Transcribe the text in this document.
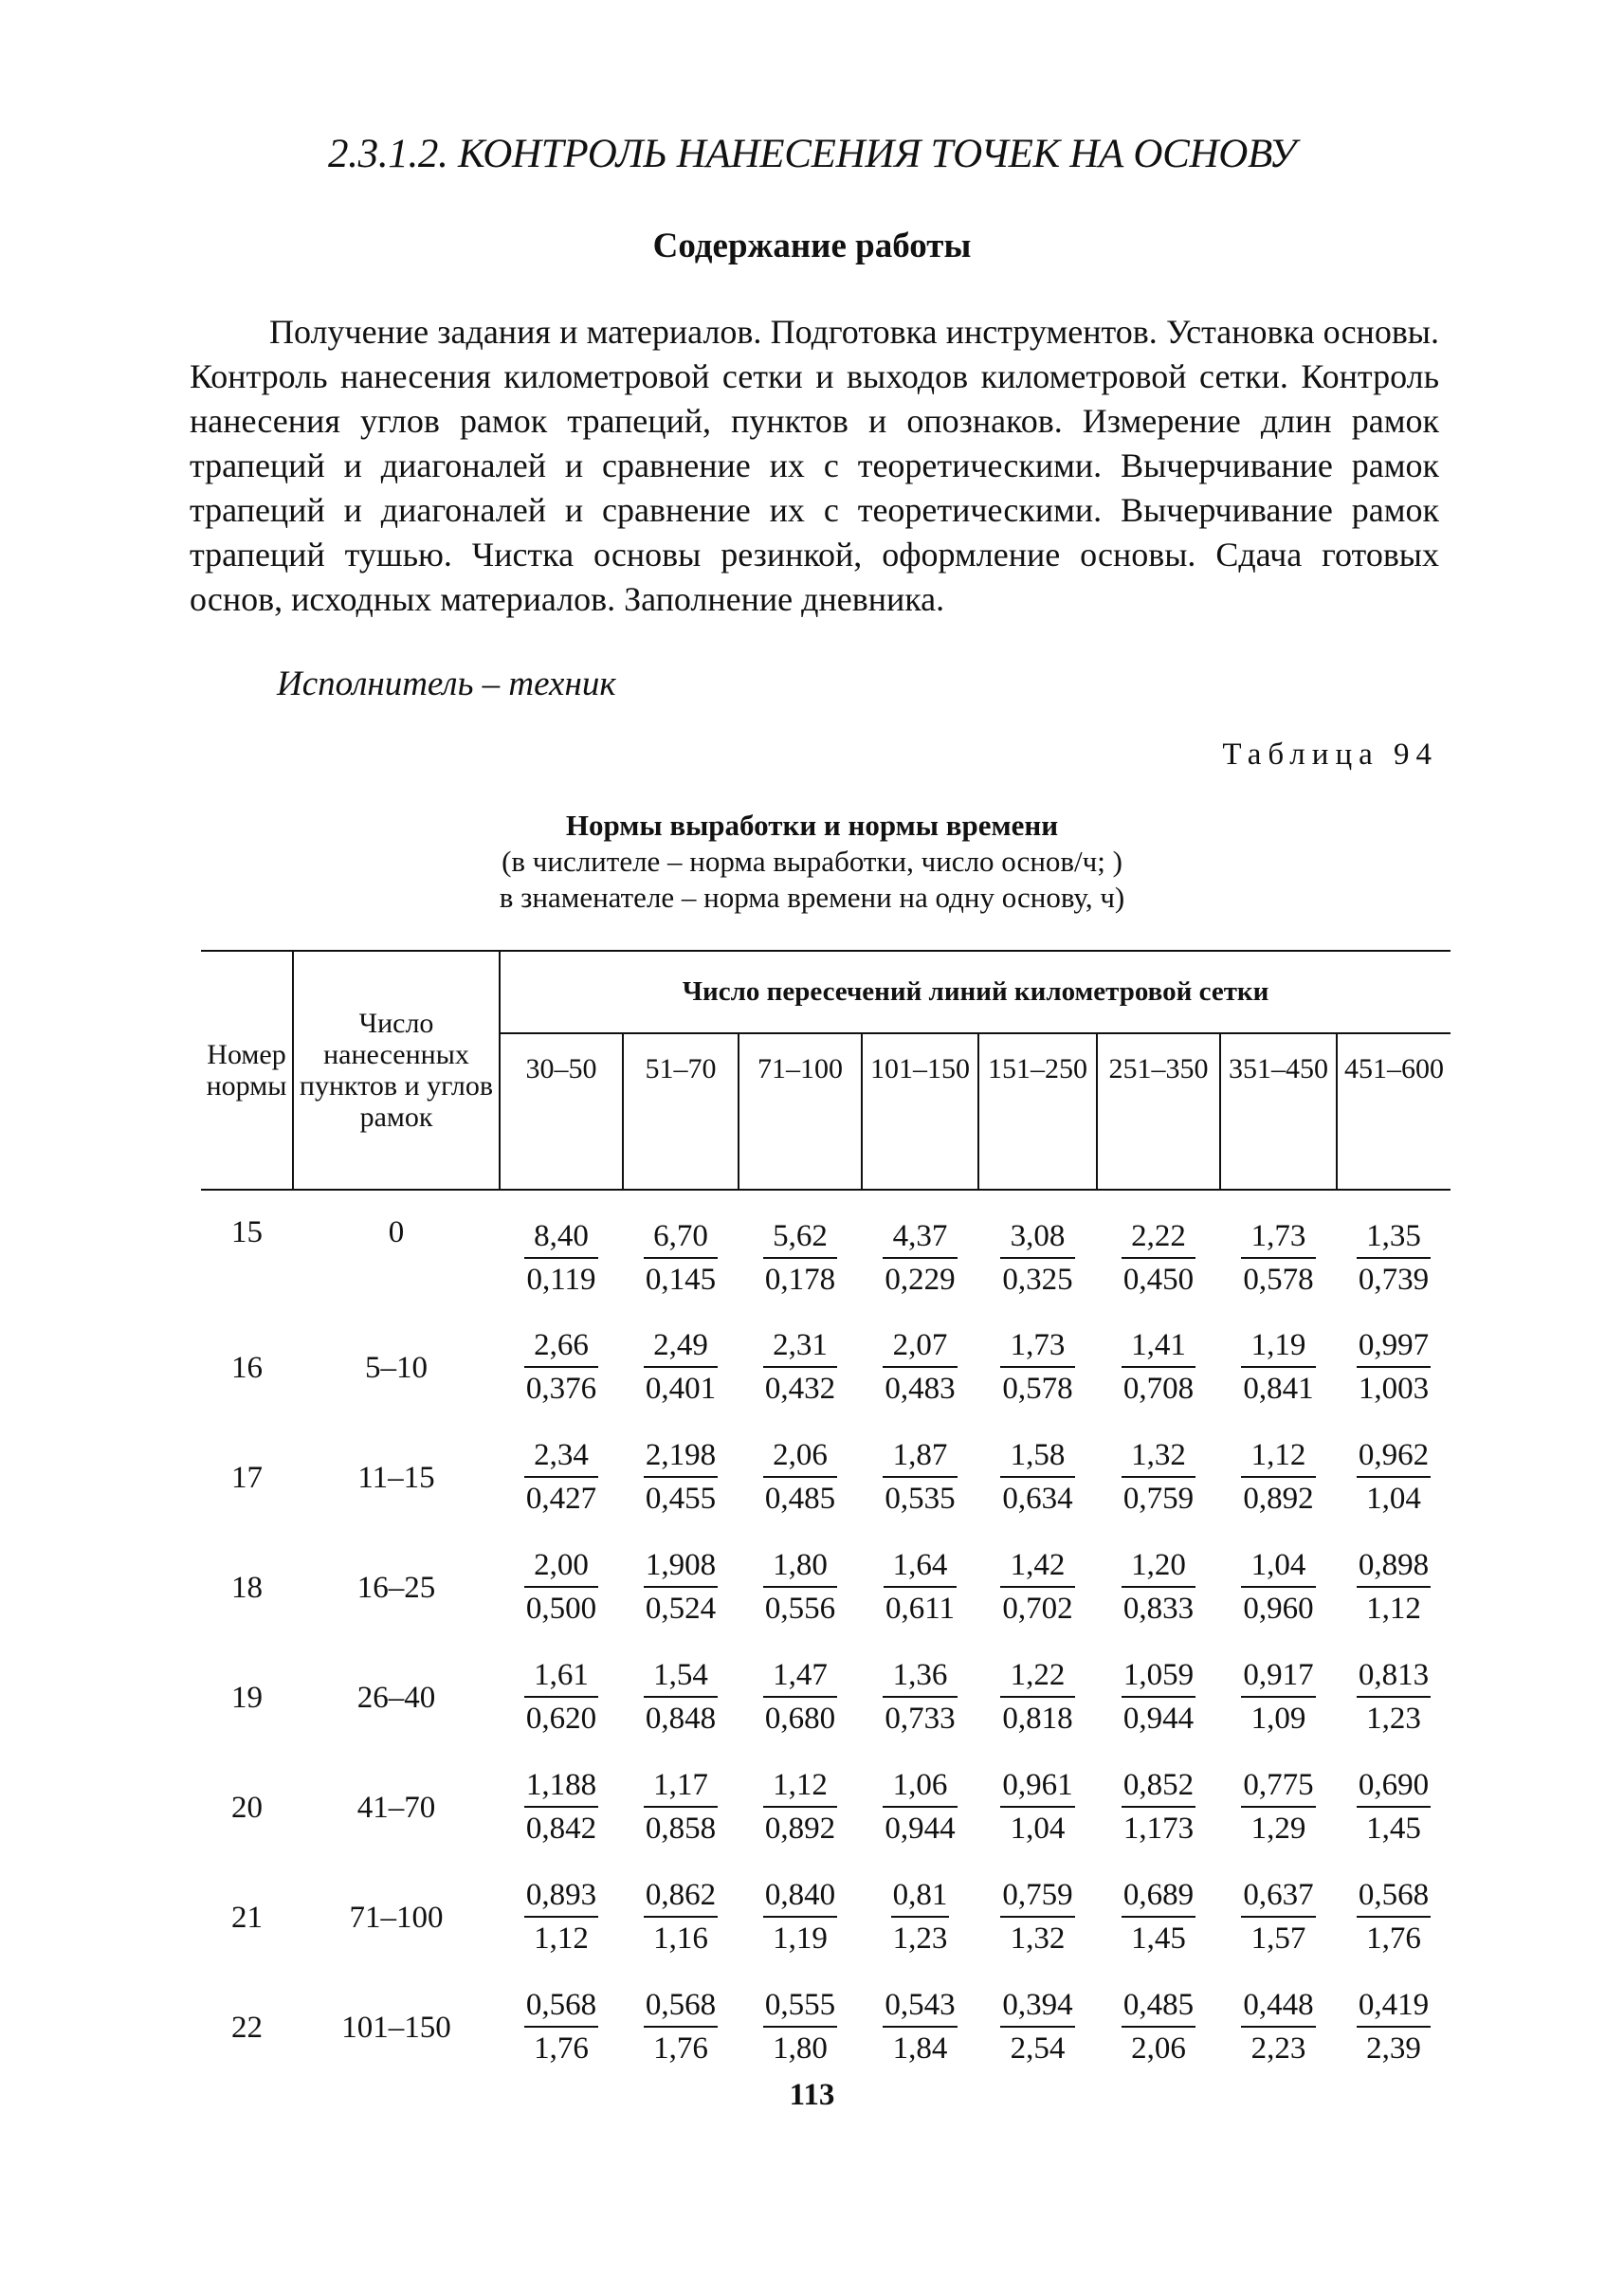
2.3.1.2. КОНТРОЛЬ НАНЕСЕНИЯ ТОЧЕК НА ОСНОВУ
Содержание работы

Получение задания и материалов. Подготовка инструментов. Установка основы. Контроль нанесения километровой сетки и выходов километровой сетки. Контроль нанесения углов рамок трапеций, пунктов и опознаков. Измерение длин рамок трапеций и диагоналей и сравнение их с теоретическими. Вычерчивание рамок трапеций и диагоналей и сравнение их с теоретическими. Вычерчивание рамок трапеций тушью. Чистка основы резинкой, оформление основы. Сдача готовых основ, исходных материалов. Заполнение дневника.

Исполнитель – техник
Таблица 94
Нормы выработки и нормы времени
(в числителе – норма выработки, число основ/ч; )
в знаменателе – норма времени на одну основу, ч)
Номер нормы	Число нанесенных пунктов и углов рамок	Число пересечений линий километровой сетки							
		30–50	51–70	71–100	101–150	151–250	251–350	351–450	451–600
15	0	$\frac{8,40}{0,119}$	$\frac{6,70}{0,145}$	$\frac{5,62}{0,178}$	$\frac{4,37}{0,229}$	$\frac{3,08}{0,325}$	$\frac{2,22}{0,450}$	$\frac{1,73}{0,578}$	$\frac{1,35}{0,739}$

16	5–10	$\frac{2,66}{0,376}$	$\frac{2,49}{0,401}$	$\frac{2,31}{0,432}$	$\frac{2,07}{0,483}$	$\frac{1,73}{0,578}$	$\frac{1,41}{0,708}$	$\frac{1,19}{0,841}$	$\frac{0,997}{1,003}$

17	11–15	$\frac{2,34}{0,427}$	$\frac{2,198}{0,455}$	$\frac{2,06}{0,485}$	$\frac{1,87}{0,535}$	$\frac{1,58}{0,634}$	$\frac{1,32}{0,759}$	$\frac{1,12}{0,892}$	$\frac{0,962}{1,04}$

18	16–25	$\frac{2,00}{0,500}$	$\frac{1,908}{0,524}$	$\frac{1,80}{0,556}$	$\frac{1,64}{0,611}$	$\frac{1,42}{0,702}$	$\frac{1,20}{0,833}$	$\frac{1,04}{0,960}$	$\frac{0,898}{1,12}$

19	26–40	$\frac{1,61}{0,620}$	$\frac{1,54}{0,848}$	$\frac{1,47}{0,680}$	$\frac{1,36}{0,733}$	$\frac{1,22}{0,818}$	$\frac{1,059}{0,944}$	$\frac{0,917}{1,09}$	$\frac{0,813}{1,23}$

20	41–70	$\frac{1,188}{0,842}$	$\frac{1,17}{0,858}$	$\frac{1,12}{0,892}$	$\frac{1,06}{0,944}$	$\frac{0,961}{1,04}$	$\frac{0,852}{1,173}$	$\frac{0,775}{1,29}$	$\frac{0,690}{1,45}$

21	71–100	$\frac{0,893}{1,12}$	$\frac{0,862}{1,16}$	$\frac{0,840}{1,19}$	$\frac{0,81}{1,23}$	$\frac{0,759}{1,32}$	$\frac{0,689}{1,45}$	$\frac{0,637}{1,57}$	$\frac{0,568}{1,76}$

22	101–150	$\frac{0,568}{1,76}$	$\frac{0,568}{1,76}$	$\frac{0,555}{1,80}$	$\frac{0,543}{1,84}$	$\frac{0,394}{2,54}$	$\frac{0,485}{2,06}$	$\frac{0,448}{2,23}$	$\frac{0,419}{2,39}$
113
